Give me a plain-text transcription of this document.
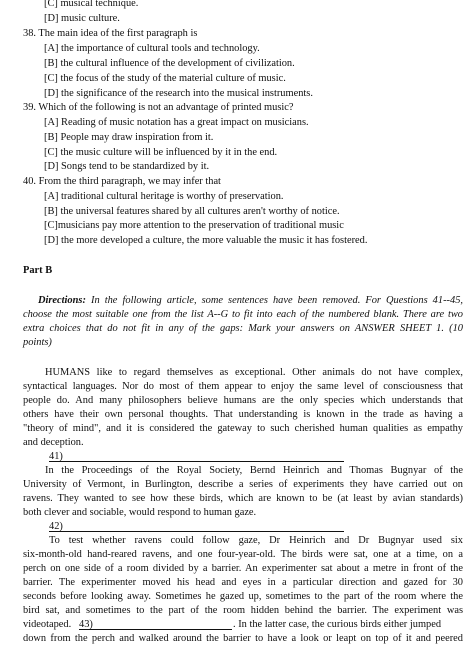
[C] musical technique.
[D] music culture.
38. The main idea of the first paragraph is
[A] the importance of cultural tools and technology.
[B] the cultural influence of the development of civilization.
[C] the focus of the study of the material culture of music.
[D] the significance of the research into the musical instruments.
39. Which of the following is not an advantage of printed music?
[A] Reading of music notation has a great impact on musicians.
[B] People may draw inspiration from it.
[C] the music culture will be influenced by it in the end.
[D] Songs tend to be standardized by it.
40. From the third paragraph, we may infer that
[A] traditional cultural heritage is worthy of preservation.
[B] the universal features shared by all cultures aren't worthy of notice.
[C]musicians pay more attention to the preservation of traditional music
[D] the more developed a culture, the more valuable the music it has fostered.
Part B
Directions: In the following article, some sentences have been removed. For Questions 41--45,
choose the most suitable one from the list A--G to fit into each of the numbered blank. There are two
extra choices that do not fit in any of the gaps: Mark your answers on ANSWER SHEET 1. (10
points)
HUMANS like to regard themselves as exceptional. Other animals do not have complex,
syntactical languages. Nor do most of them appear to enjoy the same level of consciousness that
people do. And many philosophers believe humans are the only species which understands that
others have their own personal thoughts. That understanding is known in the trade as having a
"theory of mind", and it is considered the gateway to such cherished human qualities as empathy
and deception.
41)
In the Proceedings of the Royal Society, Bernd Heinrich and Thomas Bugnyar of the
University of Vermont, in Burlington, describe a series of experiments they have carried out on
ravens. They wanted to see how these birds, which are known to be (at least by avian standards)
both clever and sociable, would respond to human gaze.
42)
To test whether ravens could follow gaze, Dr Heinrich and Dr Bugnyar used six
six-month-old hand-reared ravens, and one four-year-old. The birds were sat, one at a time, on a
perch on one side of a room divided by a barrier. An experimenter sat about a metre in front of the
barrier. The experimenter moved his head and eyes in a particular direction and gazed for 30
seconds before looking away. Sometimes he gazed up, sometimes to the part of the room where the
bird sat, and sometimes to the part of the room hidden behind the barrier. The experiment was
videotaped. 43)	. In the latter case, the curious birds either jumped
down from the perch and walked around the barrier to have a look or leapt on top of it and peered
